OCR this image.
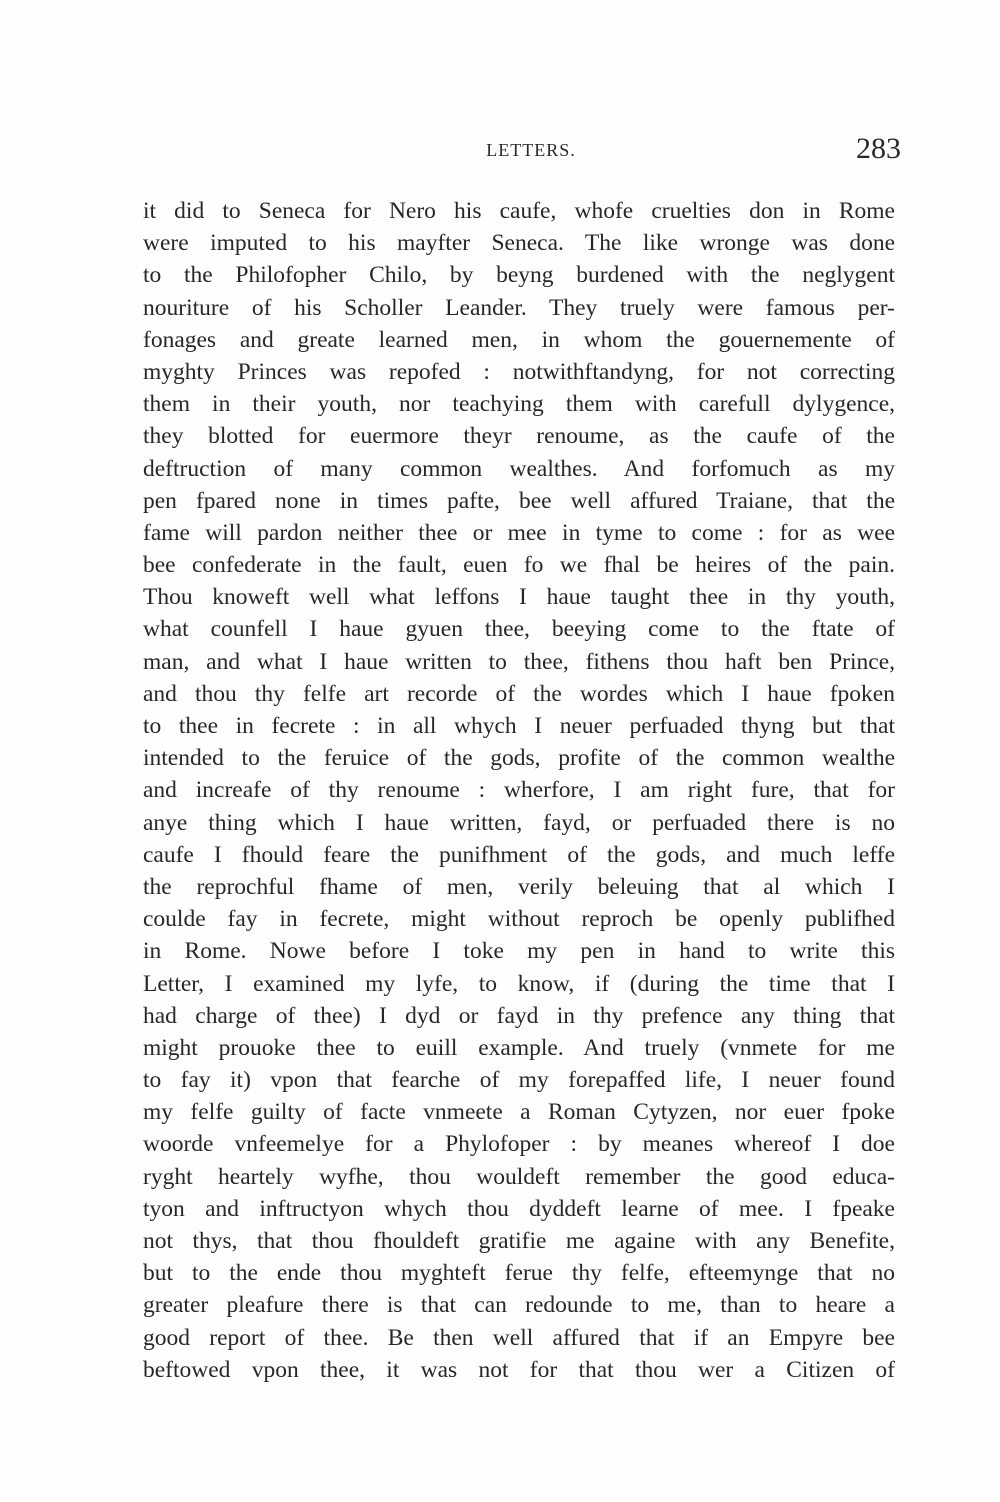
LETTERS.	283
it did to Seneca for Nero his caufe, whofe cruelties don in Rome
were imputed to his mayfter Seneca. The like wronge was done
to the Philofopher Chilo, by beyng burdened with the neglygent
nouriture of his Scholler Leander. They truely were famous per-
fonages and greate learned men, in whom the gouernemente of
myghty Princes was repofed : notwithftandyng, for not correcting
them in their youth, nor teachying them with carefull dylygence,
they blotted for euermore theyr renoume, as the caufe of the
deftruction of many common wealthes. And forfomuch as my
pen fpared none in times pafte, bee well affured Traiane, that the
fame will pardon neither thee or mee in tyme to come : for as wee
bee confederate in the fault, euen fo we fhal be heires of the pain.
Thou knoweft well what leffons I haue taught thee in thy youth,
what counfell I haue gyuen thee, beeying come to the ftate of
man, and what I haue written to thee, fithens thou haft ben Prince,
and thou thy felfe art recorde of the wordes which I haue fpoken
to thee in fecrete : in all whych I neuer perfuaded thyng but that
intended to the feruice of the gods, profite of the common wealthe
and increafe of thy renoume : wherfore, I am right fure, that for
anye thing which I haue written, fayd, or perfuaded there is no
caufe I fhould feare the punifhment of the gods, and much leffe
the reprochful fhame of men, verily beleuing that al which I
coulde fay in fecrete, might without reproch be openly publifhed
in Rome. Nowe before I toke my pen in hand to write this
Letter, I examined my lyfe, to know, if (during the time that I
had charge of thee) I dyd or fayd in thy prefence any thing that
might prouoke thee to euill example. And truely (vnmete for me
to fay it) vpon that fearche of my forepaffed life, I neuer found
my felfe guilty of facte vnmeete a Roman Cytyzen, nor euer fpoke
woorde vnfeemelye for a Phylofoper : by meanes whereof I doe
ryght heartely wyfhe, thou wouldeft remember the good educa-
tyon and inftructyon whych thou dyddeft learne of mee. I fpeake
not thys, that thou fhouldeft gratifie me againe with any Benefite,
but to the ende thou myghteft ferue thy felfe, efteemynge that no
greater pleafure there is that can redounde to me, than to heare a
good report of thee. Be then well affured that if an Empyre bee
beftowed vpon thee, it was not for that thou wer a Citizen of
